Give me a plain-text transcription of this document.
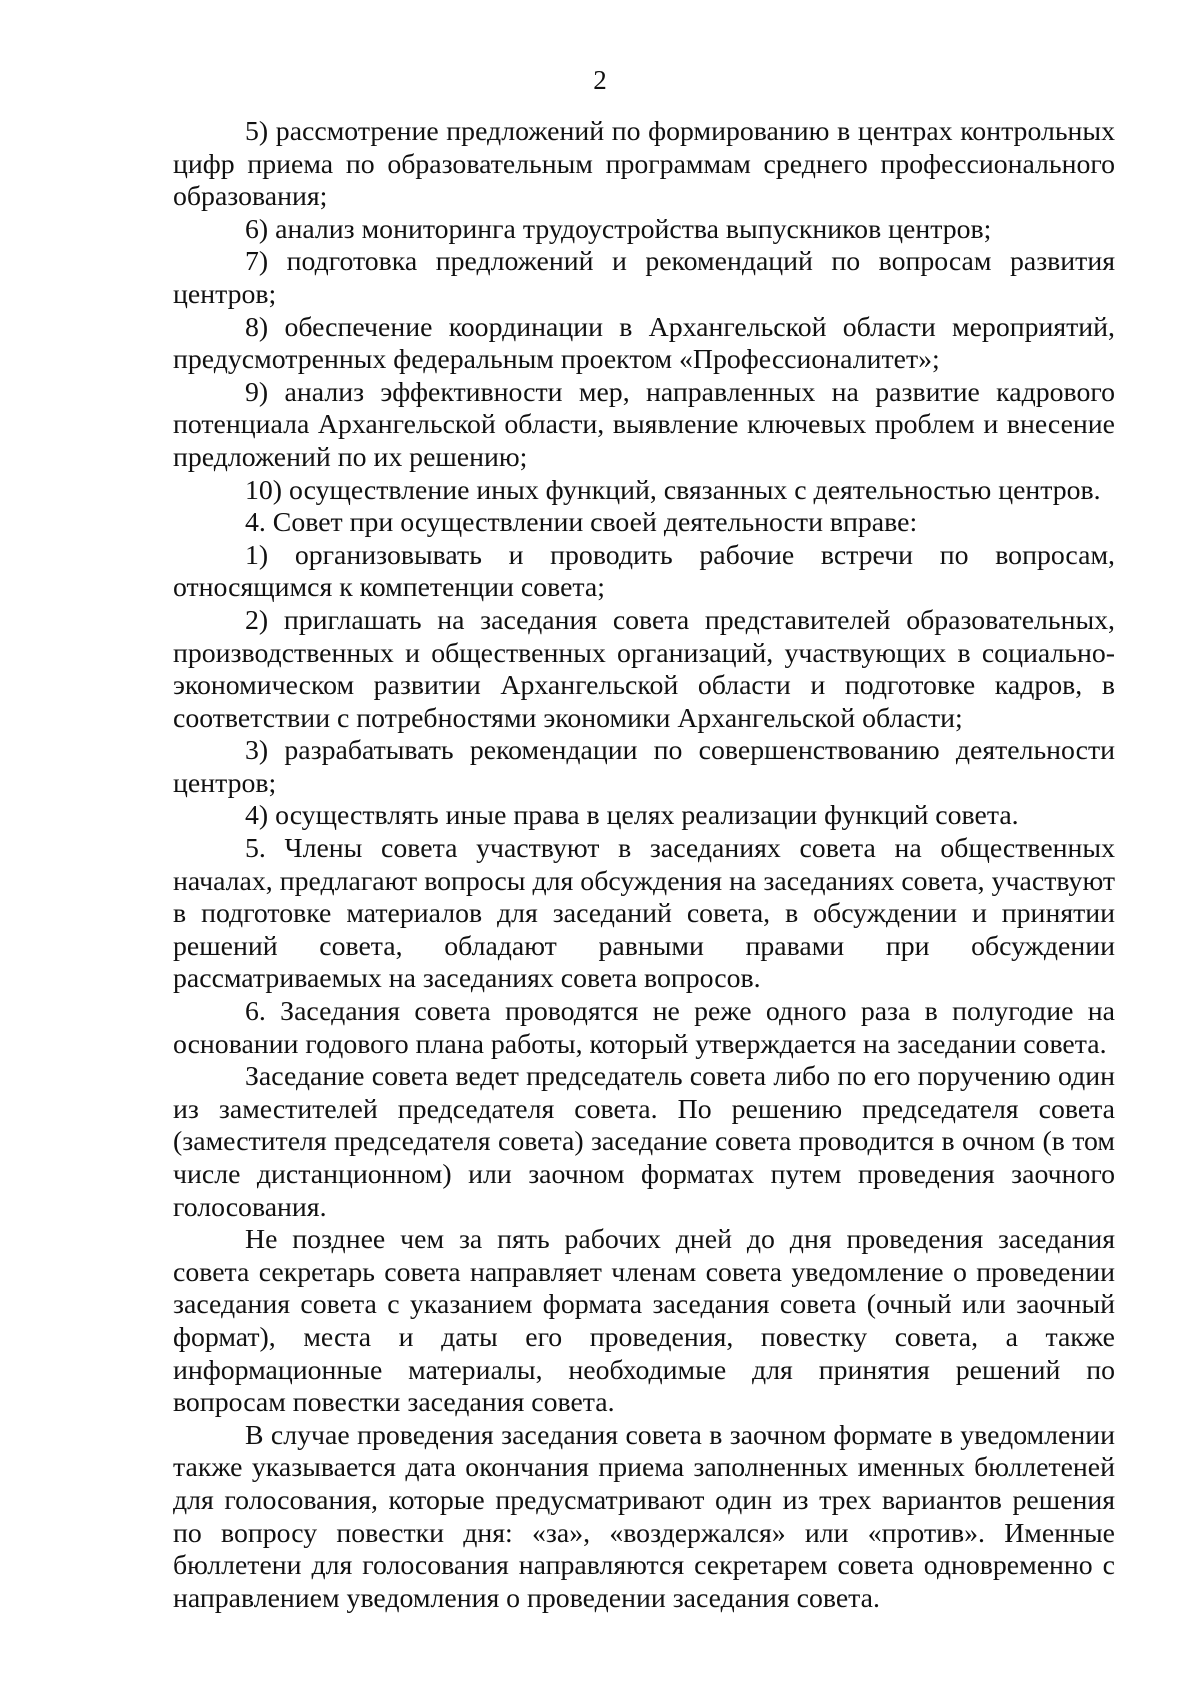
2

5) рассмотрение предложений по формированию в центрах контрольных цифр приема по образовательным программам среднего профессионального образования;

6) анализ мониторинга трудоустройства выпускников центров;

7) подготовка предложений и рекомендаций по вопросам развития центров;

8) обеспечение координации в Архангельской области мероприятий, предусмотренных федеральным проектом «Профессионалитет»;

9) анализ эффективности мер, направленных на развитие кадрового потенциала Архангельской области, выявление ключевых проблем и внесение предложений по их решению;

10) осуществление иных функций, связанных с деятельностью центров.

4. Совет при осуществлении своей деятельности вправе:

1) организовывать и проводить рабочие встречи по вопросам, относящимся к компетенции совета;

2) приглашать на заседания совета представителей образовательных, производственных и общественных организаций, участвующих в социально-экономическом развитии Архангельской области и подготовке кадров, в соответствии с потребностями экономики Архангельской области;

3) разрабатывать рекомендации по совершенствованию деятельности центров;

4) осуществлять иные права в целях реализации функций совета.

5. Члены совета участвуют в заседаниях совета на общественных началах, предлагают вопросы для обсуждения на заседаниях совета, участвуют в подготовке материалов для заседаний совета, в обсуждении и принятии решений совета, обладают равными правами при обсуждении рассматриваемых на заседаниях совета вопросов.

6. Заседания совета проводятся не реже одного раза в полугодие на основании годового плана работы, который утверждается на заседании совета.

Заседание совета ведет председатель совета либо по его поручению один из заместителей председателя совета. По решению председателя совета (заместителя председателя совета) заседание совета проводится в очном (в том числе дистанционном) или заочном форматах путем проведения заочного голосования.

Не позднее чем за пять рабочих дней до дня проведения заседания совета секретарь совета направляет членам совета уведомление о проведении заседания совета с указанием формата заседания совета (очный или заочный формат), места и даты его проведения, повестку совета, а также информационные материалы, необходимые для принятия решений по вопросам повестки заседания совета.

В случае проведения заседания совета в заочном формате в уведомлении также указывается дата окончания приема заполненных именных бюллетеней для голосования, которые предусматривают один из трех вариантов решения по вопросу повестки дня: «за», «воздержался» или «против». Именные бюллетени для голосования направляются секретарем совета одновременно с направлением уведомления о проведении заседания совета.
